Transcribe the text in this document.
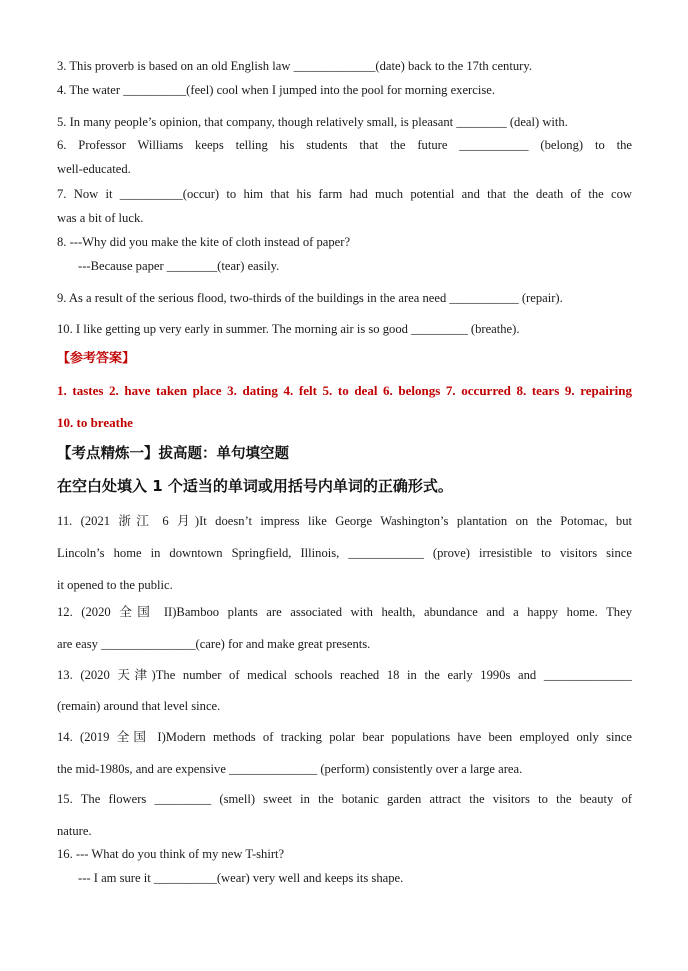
3. This proverb is based on an old English law _____________(date) back to the 17th century.
4. The water __________(feel) cool when I jumped into the pool for morning exercise.
5. In many people’s opinion, that company, though relatively small, is pleasant ________ (deal) with.
6. Professor Williams keeps telling his students that the future ___________ (belong) to the
well-educated.
7. Now it __________(occur) to him that his farm had much potential and that the death of the cow
was a bit of luck.
8. ---Why did you make the kite of cloth instead of paper?
---Because paper ________(tear) easily.
9. As a result of the serious flood, two-thirds of the buildings in the area need ___________ (repair).
10. I like getting up very early in summer. The morning air is so good _________ (breathe).
【参考答案】
1. tastes 2. have taken place 3. dating 4. felt 5. to deal 6. belongs 7. occurred 8. tears 9. repairing
10. to breathe
【考点精炼一】拔高题：单句填空题
在空白处填入 1 个适当的单词或用括号内单词的正确形式。
11. (2021 浙江 6 月)It doesn’t impress like George Washington’s plantation on the Potomac, but
Lincoln’s home in downtown Springfield, Illinois, ____________ (prove) irresistible to visitors since
it opened to the public.
12. (2020 全国 II)Bamboo plants are associated with health, abundance and a happy home. They
are easy _______________(care) for and make great presents.
13. (2020 天津)The number of medical schools reached 18 in the early 1990s and ______________
(remain) around that level since.
14. (2019 全国 I)Modern methods of tracking polar bear populations have been employed only since
the mid-1980s, and are expensive ______________ (perform) consistently over a large area.
15. The flowers _________ (smell) sweet in the botanic garden attract the visitors to the beauty of
nature.
16. --- What do you think of my new T-shirt?
--- I am sure it __________(wear) very well and keeps its shape.
